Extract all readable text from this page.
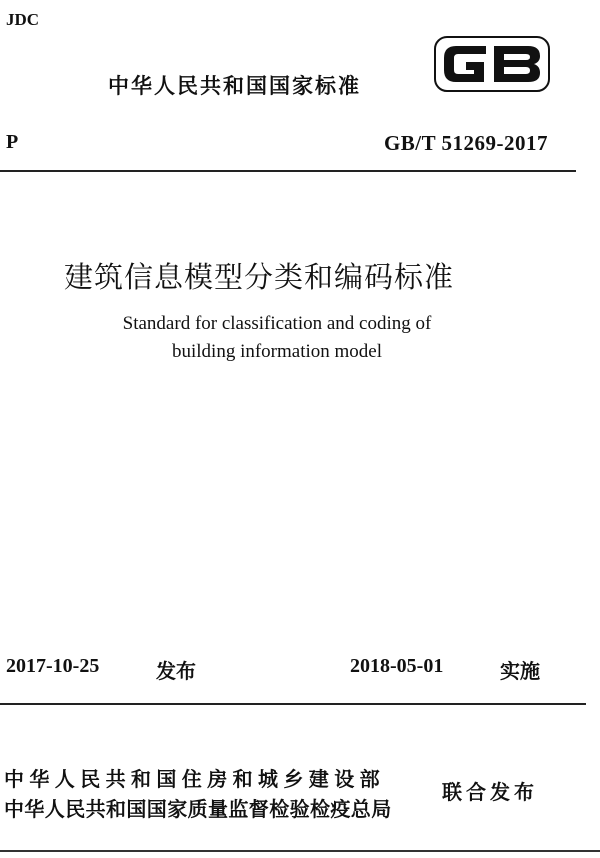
JDC
中华人民共和国国家标准
P	GB/T 51269-2017
建筑信息模型分类和编码标准
Standard for classification and coding of
building information model
2017-10-25	发布	2018-05-01	实施
中华人民共和国住房和城乡建设部
中华人民共和国国家质量监督检验检疫总局
联合发布
